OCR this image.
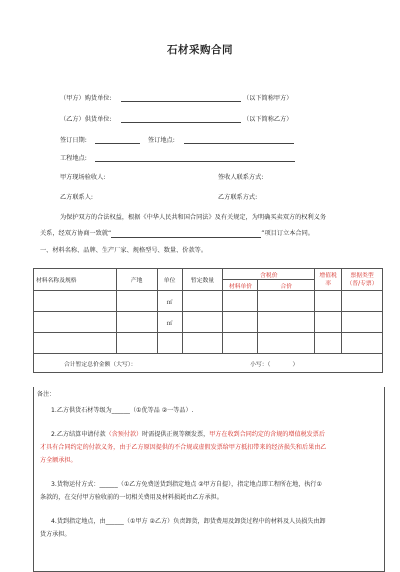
石材采购合同
（甲方）购货单位:	（以下简称甲方）
（乙方）供货单位:	（以下简称乙方）
签订日期:	签订地点:
工程地点:
甲方现场验收人:	签收人联系方式:
乙方联系人:	乙方联系方式:
为保护双方的合法权益，根据《中华人民共和国合同法》及有关规定，为明确买卖双方的权利义务
关系，经双方协商一致就“	”项目订立本合同。
一、材料名称、品牌、生产厂家、规格型号、数量、价款等。
材料名称及规格	产地	单位	暂定数量	含税价		增值税率	票据类型（普/专票）
				材料单价	合价		
		㎡					
		㎡					

合计暂定总价金额（大写）： 小写：（ ）							
备注：
1.乙方供货石材等级为______（①优等品 ②一等品）.
2.乙方结算申请付款（含预付款）时需提供正规等额发票，甲方在收到合同约定的含规的增值税发票后
才具有合同约定的付款义务，由于乙方原因提供的不合规或虚假发票给甲方抵扣带来的经济损失和后果由乙
方全额承担。
3.货物运付方式：______（①乙方免费送货到指定地点 ②甲方自提），指定地点即工程所在地，执行①
条款的，在交付甲方验收前的一切相关费用及材料损耗由乙方承担。
4.货到指定地点，由______（①甲方 ②乙方）负责卸货，卸货费用及卸货过程中的材料及人员损失由卸
货方承担。
